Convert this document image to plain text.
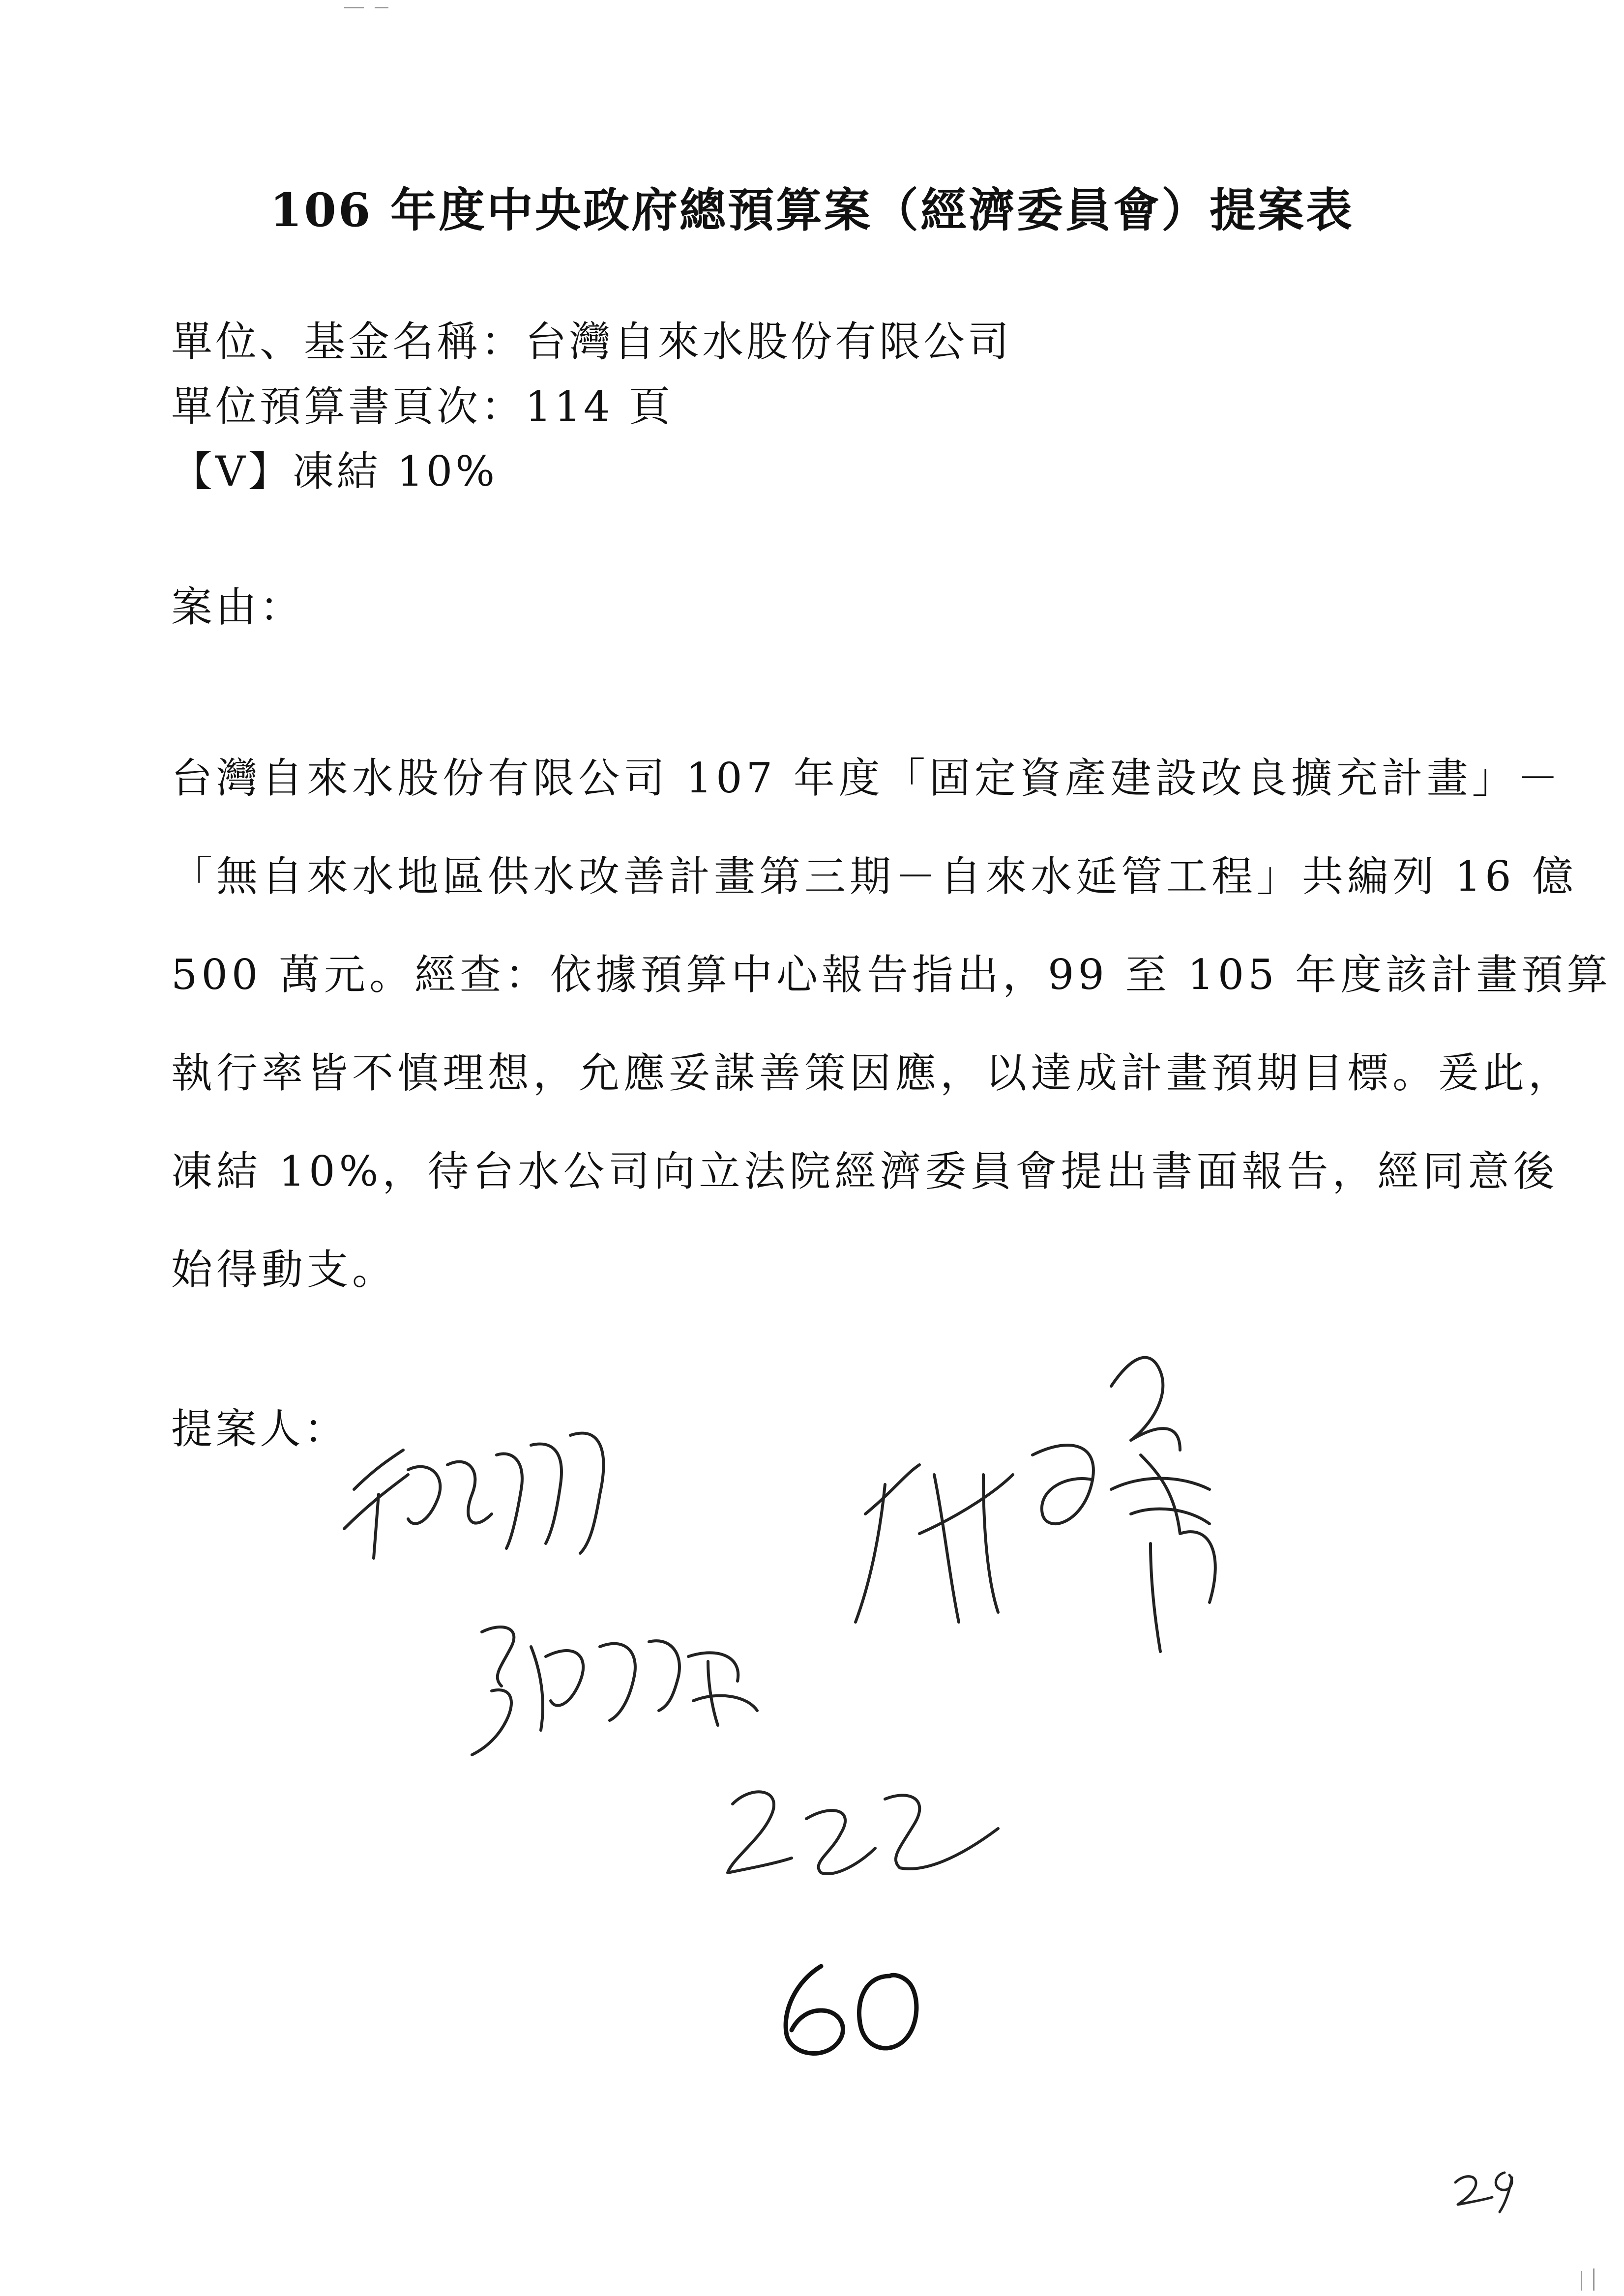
106 年度中央政府總預算案（經濟委員會）提案表
單位、基金名稱：台灣自來水股份有限公司
單位預算書頁次：114 頁
【V】凍結 10%
案由：
台灣自來水股份有限公司 107 年度「固定資產建設改良擴充計畫」－
「無自來水地區供水改善計畫第三期－自來水延管工程」共編列 16 億
500 萬元。經查：依據預算中心報告指出，99 至 105 年度該計畫預算
執行率皆不慎理想，允應妥謀善策因應，以達成計畫預期目標。爰此，
凍結 10%，待台水公司向立法院經濟委員會提出書面報告，經同意後
始得動支。
提案人：
